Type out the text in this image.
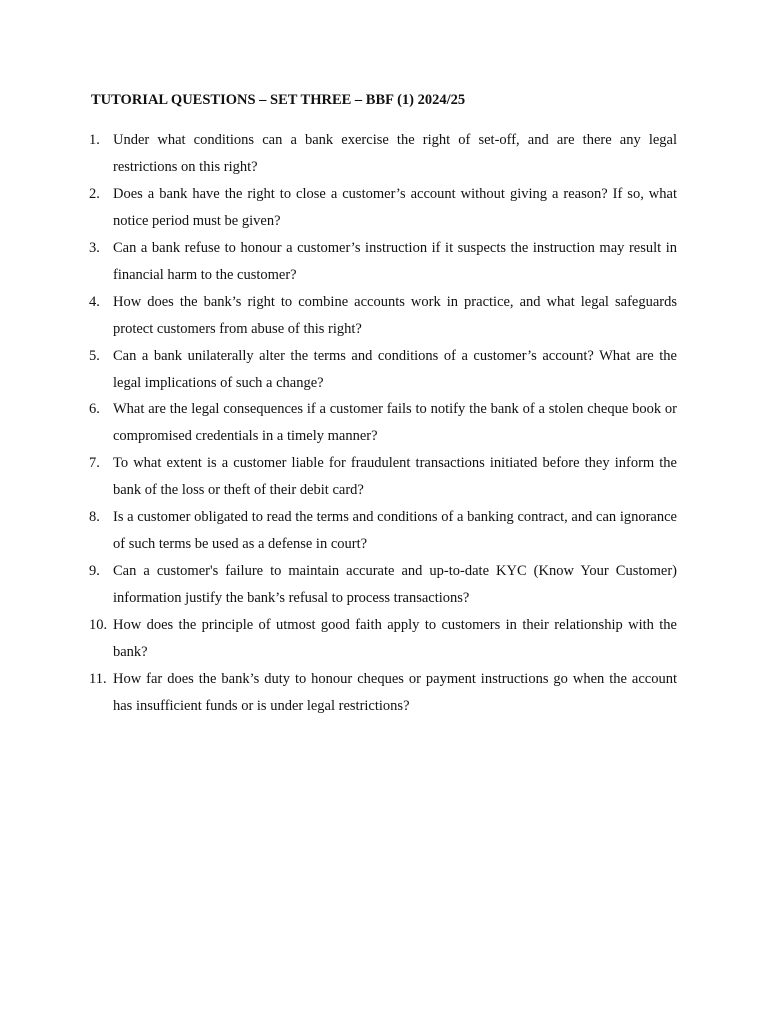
TUTORIAL QUESTIONS – SET THREE – BBF (1) 2024/25
1. Under what conditions can a bank exercise the right of set-off, and are there any legal restrictions on this right?
2. Does a bank have the right to close a customer’s account without giving a reason? If so, what notice period must be given?
3. Can a bank refuse to honour a customer’s instruction if it suspects the instruction may result in financial harm to the customer?
4. How does the bank’s right to combine accounts work in practice, and what legal safeguards protect customers from abuse of this right?
5. Can a bank unilaterally alter the terms and conditions of a customer’s account? What are the legal implications of such a change?
6. What are the legal consequences if a customer fails to notify the bank of a stolen cheque book or compromised credentials in a timely manner?
7. To what extent is a customer liable for fraudulent transactions initiated before they inform the bank of the loss or theft of their debit card?
8. Is a customer obligated to read the terms and conditions of a banking contract, and can ignorance of such terms be used as a defense in court?
9. Can a customer's failure to maintain accurate and up-to-date KYC (Know Your Customer) information justify the bank’s refusal to process transactions?
10. How does the principle of utmost good faith apply to customers in their relationship with the bank?
11. How far does the bank’s duty to honour cheques or payment instructions go when the account has insufficient funds or is under legal restrictions?
